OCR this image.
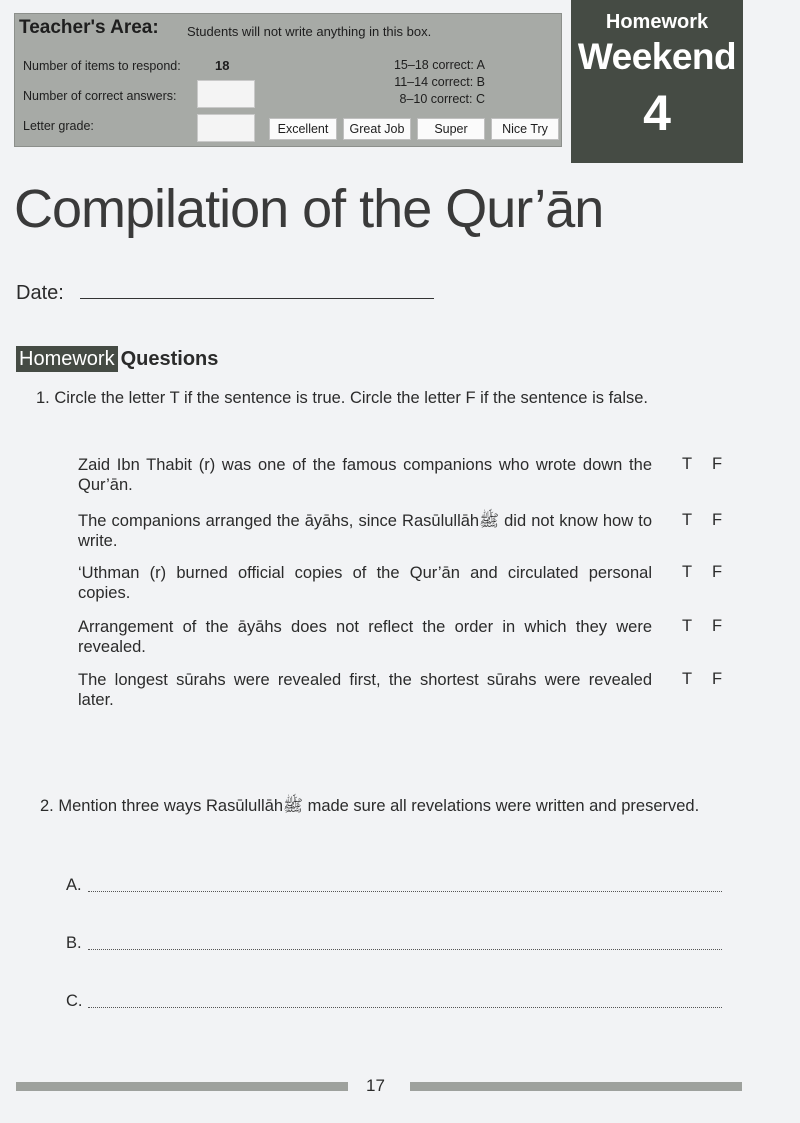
Teacher's Area: Students will not write anything in this box.
Number of items to respond:	18
Number of correct answers:
Letter grade:
15–18 correct: A
11–14 correct: B
8–10 correct: C
Excellent	Great Job	Super	Nice Try
Homework
Weekend
4
Compilation of the Qur’ān
Date:
Homework Questions
1. Circle the letter T if the sentence is true. Circle the letter F if the sentence is false.
Zaid Ibn Thabit (r) was one of the famous companions who wrote down the Qur’ān.
T F
The companions arranged the āyāhs, since Rasūlullāhﷺ did not know how to write.
T F
‘Uthman (r) burned official copies of the Qur’ān and circulated personal copies.
T F
Arrangement of the āyāhs does not reflect the order in which they were revealed.
T F
The longest sūrahs were revealed first, the shortest sūrahs were revealed later.
T F
2. Mention three ways Rasūlullāhﷺ made sure all revelations were written and preserved.
A.
B.
C.
17
